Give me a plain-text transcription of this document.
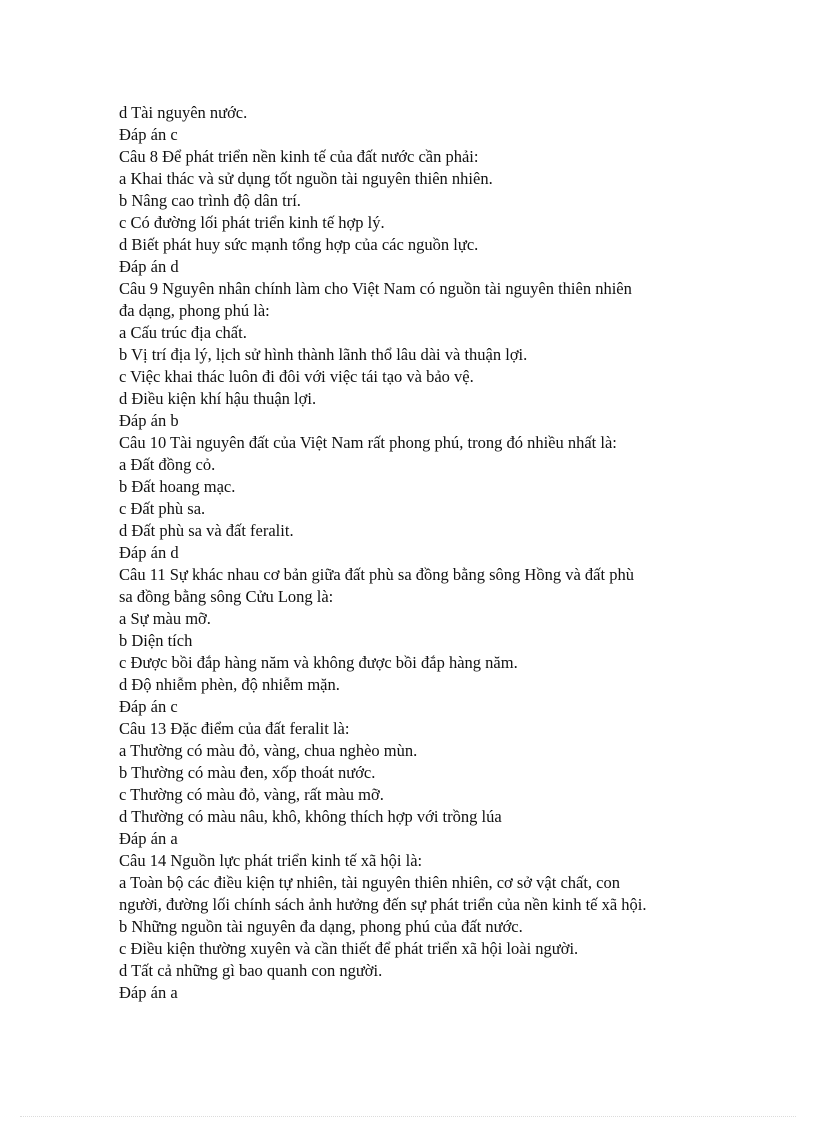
d Tài nguyên nước.
Đáp án c
Câu 8 Để phát triển nền kinh tế của đất nước cần phải:
a Khai thác và sử dụng tốt nguồn tài nguyên thiên nhiên.
b Nâng cao trình độ dân trí.
c Có đường lối phát triển kinh tế hợp lý.
d Biết phát huy sức mạnh tổng hợp của các nguồn lực.
Đáp án d
Câu 9 Nguyên nhân chính làm cho Việt Nam có nguồn tài nguyên thiên nhiên
đa dạng, phong phú là:
a Cấu trúc địa chất.
b Vị trí địa lý, lịch sử hình thành lãnh thổ lâu dài và thuận lợi.
c Việc khai thác luôn đi đôi với việc tái tạo và bảo vệ.
d Điều kiện khí hậu thuận lợi.
Đáp án b
Câu 10 Tài nguyên đất của Việt Nam rất phong phú, trong đó nhiều nhất là:
a Đất đồng cỏ.
b Đất hoang mạc.
c Đất phù sa.
d Đất phù sa và đất feralit.
Đáp án d
Câu 11 Sự khác nhau cơ bản giữa đất phù sa đồng bằng sông Hồng và đất phù
sa đồng bằng sông Cửu Long là:
a Sự màu mỡ.
b Diện tích
c Được bồi đắp hàng năm và không được bồi đắp hàng năm.
d Độ nhiễm phèn, độ nhiễm mặn.
Đáp án c
Câu 13 Đặc điểm của đất feralit là:
a Thường có màu đỏ, vàng, chua nghèo mùn.
b Thường có màu đen, xốp thoát nước.
c Thường có màu đỏ, vàng, rất màu mỡ.
d Thường có màu nâu, khô, không thích hợp với trồng lúa
Đáp án a
Câu 14 Nguồn lực phát triển kinh tế xã hội là:
a Toàn bộ các điều kiện tự nhiên, tài nguyên thiên nhiên, cơ sở vật chất, con
người, đường lối chính sách ảnh hưởng đến sự phát triển của nền kinh tế xã hội.
b Những nguồn tài nguyên đa dạng, phong phú của đất nước.
c Điều kiện thường xuyên và cần thiết để phát triển xã hội loài người.
d Tất cả những gì bao quanh con người.
Đáp án a
